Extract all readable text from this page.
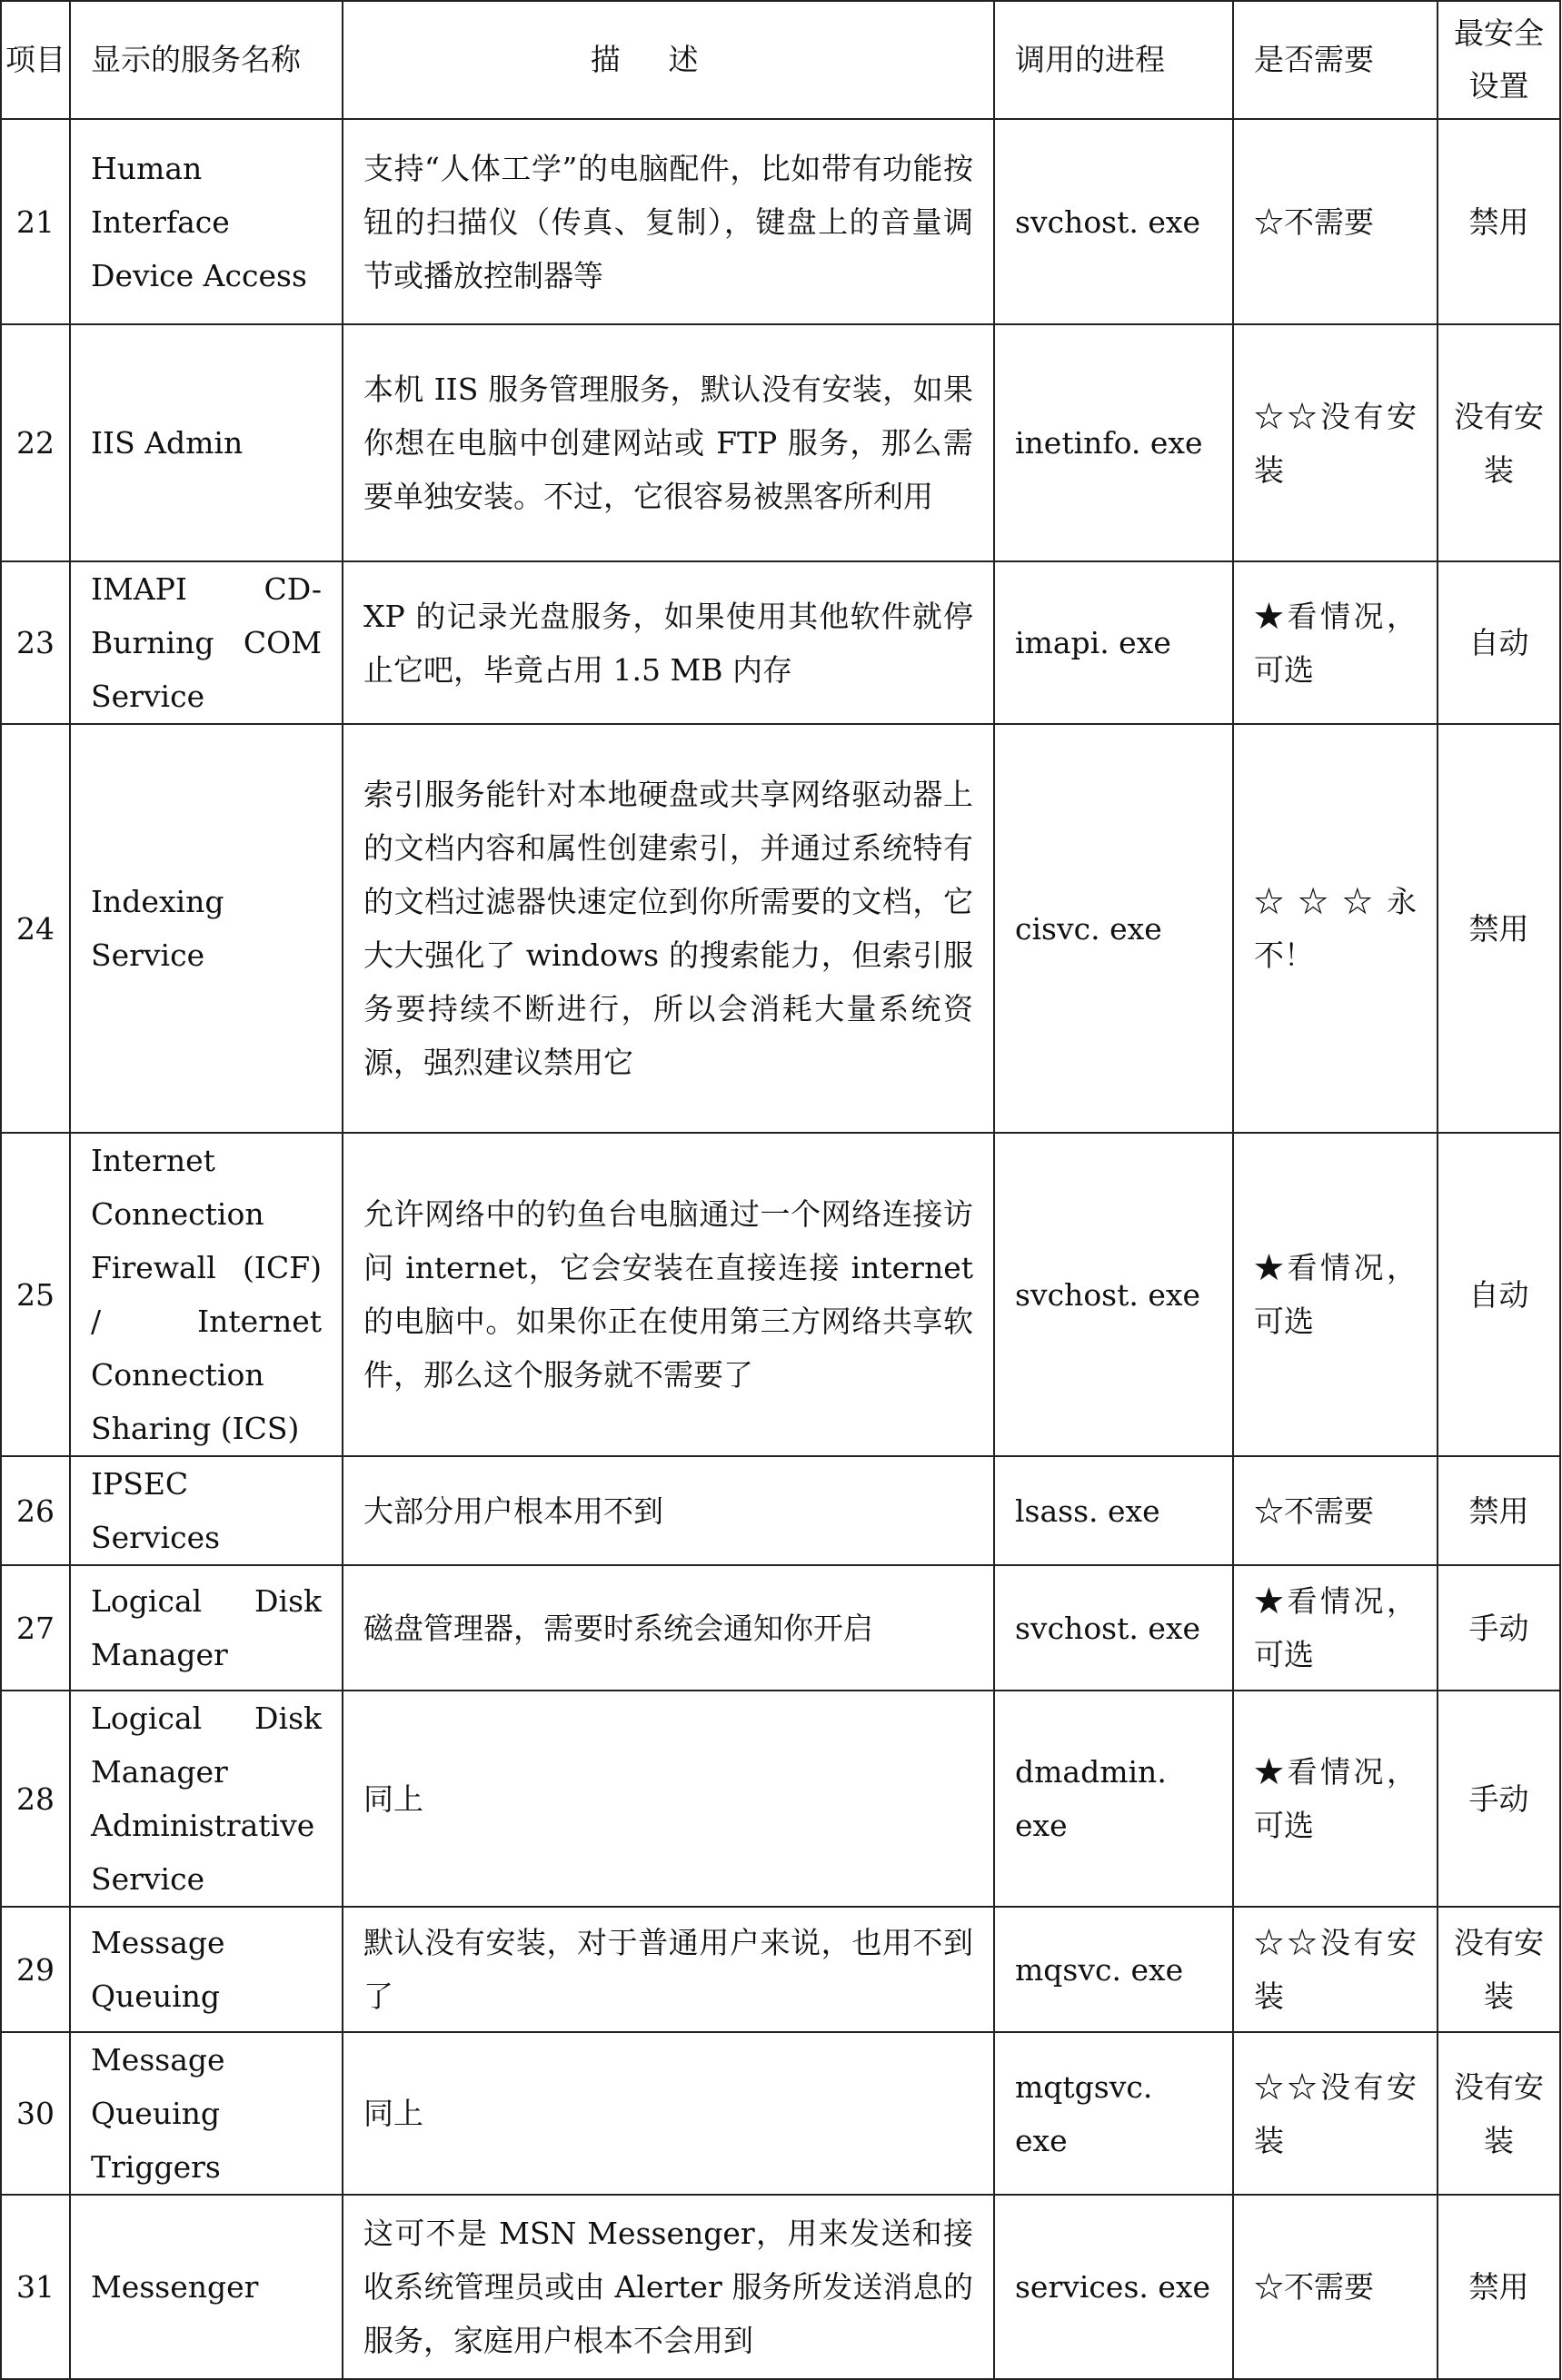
项目	显示的服务名称	描述	调用的进程	是否需要	最安全设置
21	Human Interface Device Access	支持“人体工学”的电脑配件，比如带有功能按钮的扫描仪（传真、复制），键盘上的音量调节或播放控制器等	svchost. exe	☆不需要	禁用
22	IIS Admin	本机 IIS 服务管理服务，默认没有安装，如果你想在电脑中创建网站或 FTP 服务，那么需要单独安装。不过，它很容易被黑客所利用	inetinfo. exe	☆☆没有安装	没有安装
23	IMAPI CD-Burning COM Service	XP 的记录光盘服务，如果使用其他软件就停止它吧，毕竟占用 1.5 MB 内存	imapi. exe	★看情况，可选	自动
24	Indexing Service	索引服务能针对本地硬盘或共享网络驱动器上的文档内容和属性创建索引，并通过系统特有的文档过滤器快速定位到你所需要的文档，它大大强化了 windows 的搜索能力，但索引服务要持续不断进行，所以会消耗大量系统资源，强烈建议禁用它	cisvc. exe	☆☆☆永不！	禁用
25	Internet Connection Firewall (ICF) / Internet Connection Sharing (ICS)	允许网络中的钓鱼台电脑通过一个网络连接访问 internet，它会安装在直接连接 internet 的电脑中。如果你正在使用第三方网络共享软件，那么这个服务就不需要了	svchost. exe	★看情况，可选	自动
26	IPSEC Services	大部分用户根本用不到	lsass. exe	☆不需要	禁用
27	Logical Disk Manager	磁盘管理器，需要时系统会通知你开启	svchost. exe	★看情况，可选	手动
28	Logical Disk Manager Administrative Service	同上	dmadmin. exe	★看情况，可选	手动
29	Message Queuing	默认没有安装，对于普通用户来说，也用不到了	mqsvc. exe	☆☆没有安装	没有安装
30	Message Queuing Triggers	同上	mqtgsvc. exe	☆☆没有安装	没有安装
31	Messenger	这可不是 MSN Messenger，用来发送和接收系统管理员或由 Alerter 服务所发送消息的服务，家庭用户根本不会用到	services. exe	☆不需要	禁用
